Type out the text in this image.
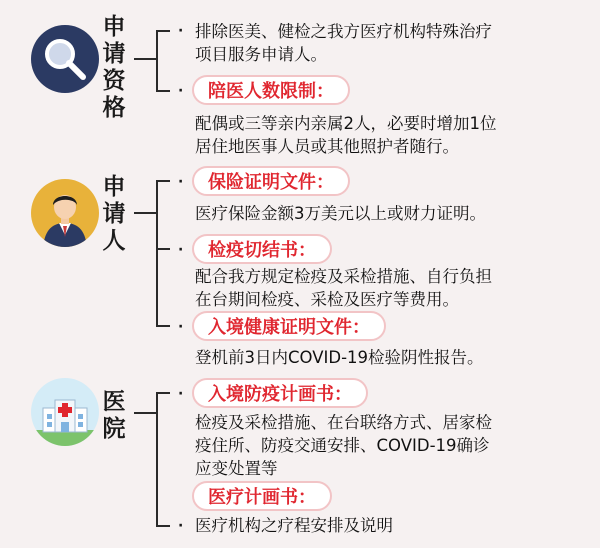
申
请
资
格
· 排除医美、健检之我方医疗机构特殊治疗
项目服务申请人。
·	陪医人数限制：
配偶或三等亲内亲属2人，必要时增加1位
居住地医事人员或其他照护者随行。
申
请
人
·	保险证明文件：
医疗保险金额3万美元以上或财力证明。
·	检疫切结书：
配合我方规定检疫及采检措施、自行负担
在台期间检疫、采检及医疗等费用。
·	入境健康证明文件：
登机前3日内COVID-19检验阴性报告。
医
院
·	入境防疫计画书：
检疫及采检措施、在台联络方式、居家检
疫住所、防疫交通安排、COVID-19确诊
应变处置等
医疗计画书：
· 医疗机构之疗程安排及说明
